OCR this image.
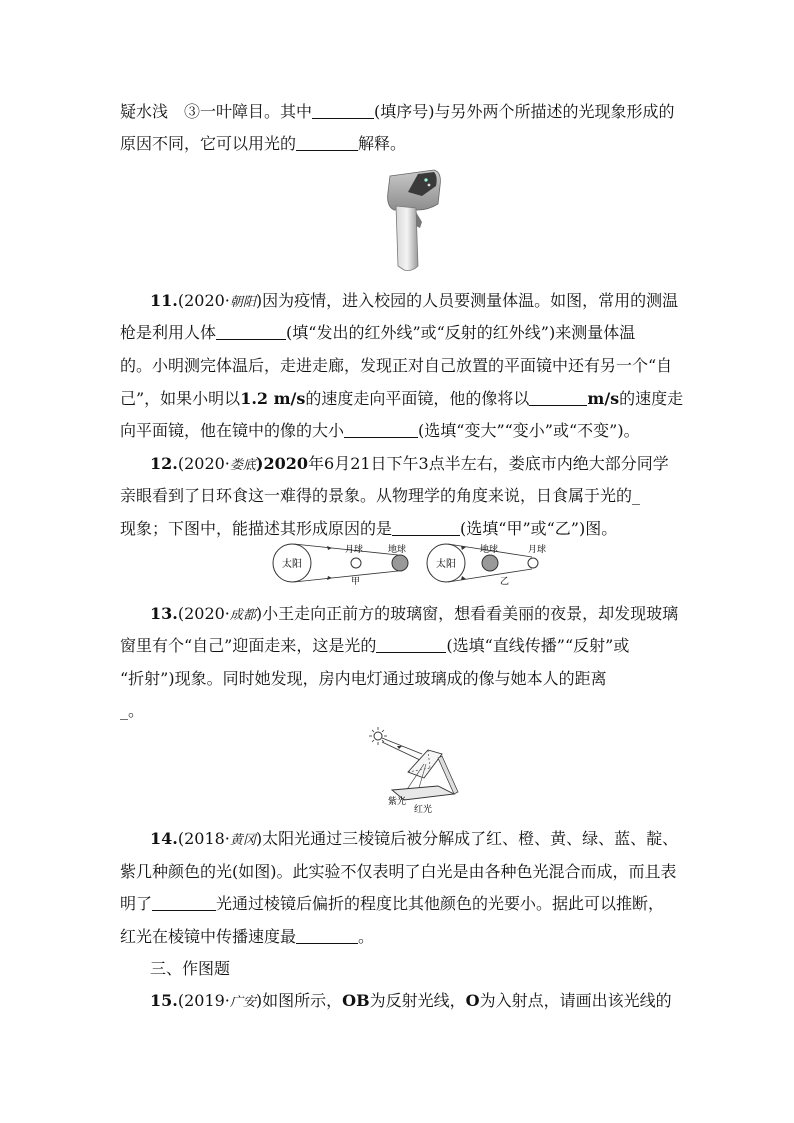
疑水浅　③一叶障目。其中	(填序号)与另外两个所描述的光现象形成的
原因不同，它可以用光的	解释。
11.(2020·朝阳)因为疫情，进入校园的人员要测量体温。如图，常用的测温
枪是利用人体	(填“发出的红外线”或“反射的红外线”)来测量体温
的。小明测完体温后，走进走廊，发现正对自己放置的平面镜中还有另一个“自
己”，如果小明以1.2 m/s的速度走向平面镜，他的像将以	m/s的速度走
向平面镜，他在镜中的像的大小	(选填“变大”“变小”或“不变”)。
12.(2020·娄底)2020年6月21日下午3点半左右，娄底市内绝大部分同学
亲眼看到了日环食这一难得的景象。从物理学的角度来说，日食属于光的_
现象；下图中，能描述其形成原因的是	(选填“甲”或“乙”)图。
太阳
月球	地球
甲
太阳
地球	月球
乙
13.(2020·成都)小王走向正前方的玻璃窗，想看看美丽的夜景，却发现玻璃
窗里有个“自己”迎面走来，这是光的	(选填“直线传播”“反射”或
“折射”)现象。同时她发现，房内电灯通过玻璃成的像与她本人的距离
_。
紫光
红光
14.(2018·黄冈)太阳光通过三棱镜后被分解成了红、橙、黄、绿、蓝、靛、
紫几种颜色的光(如图)。此实验不仅表明了白光是由各种色光混合而成，而且表
明了	光通过棱镜后偏折的程度比其他颜色的光要小。据此可以推断，
红光在棱镜中传播速度最	。
三、作图题
15.(2019·广安)如图所示，OB为反射光线，O为入射点，请画出该光线的
